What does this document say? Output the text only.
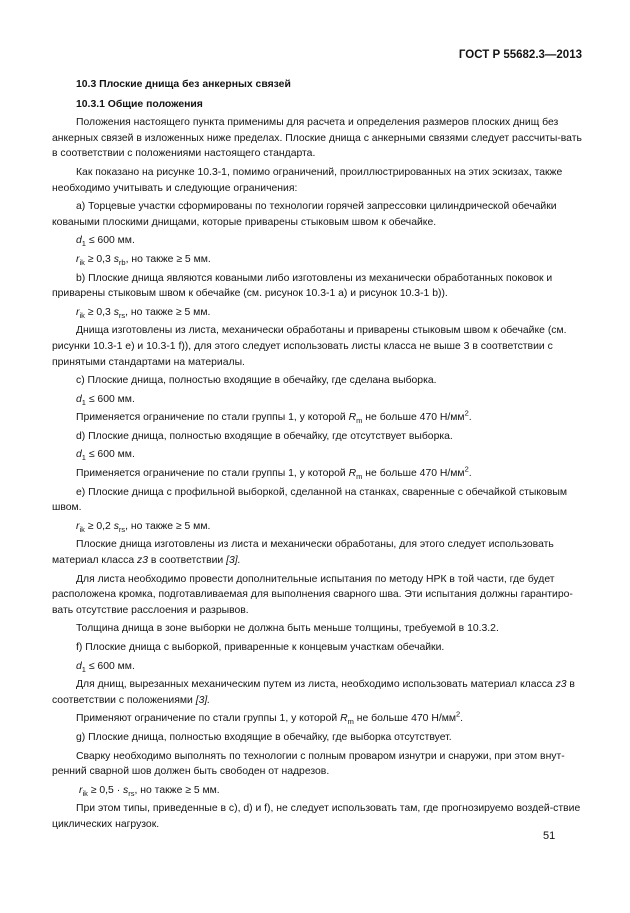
ГОСТ Р 55682.3—2013
10.3 Плоские днища без анкерных связей
10.3.1 Общие положения

Положения настоящего пункта применимы для расчета и определения размеров плоских днищ без анкерных связей в изложенных ниже пределах. Плоские днища с анкерными связями следует рассчиты-вать в соответствии с положениями настоящего стандарта.

Как показано на рисунке 10.3-1, помимо ограничений, проиллюстрированных на этих эскизах, также необходимо учитывать и следующие ограничения:

а) Торцевые участки сформированы по технологии горячей запрессовки цилиндрической обечайки коваными плоскими днищами, которые приварены стыковым швом к обечайке.

$d_1 \le 600$ мм.
$r_{ik} \ge 0,3$ $s_{rb}$, но также ≥ 5 мм.

b) Плоские днища являются коваными либо изготовлены из механически обработанных поковок и приварены стыковым швом к обечайке (см. рисунок 10.3-1 а) и рисунок 10.3-1 b)).

$r_{ik} \ge 0,3$ $s_{rs}$, но также ≥ 5 мм.

Днища изготовлены из листа, механически обработаны и приварены стыковым швом к обечайке (см. рисунки 10.3-1 е) и 10.3-1 f)), для этого следует использовать листы класса не выше 3 в соответствии с принятыми стандартами на материалы.

с) Плоские днища, полностью входящие в обечайку, где сделана выборка.

$d_1 \le 600$ мм.
Применяется ограничение по стали группы 1, у которой $R_m$ не больше 470 $Н/мм^2$.

d) Плоские днища, полностью входящие в обечайку, где отсутствует выборка.

$d_1 \le 600$ мм.
Применяется ограничение по стали группы 1, у которой $R_m$ не больше 470 $Н/мм^2$.

е) Плоские днища с профильной выборкой, сделанной на станках, сваренные с обечайкой стыковым швом.

$r_{ik} \ge 0,2$ $s_{rs}$, но также ≥ 5 мм.

Плоские днища изготовлены из листа и механически обработаны, для этого следует использовать материал класса z3 в соответствии [3].

Для листа необходимо провести дополнительные испытания по методу НРК в той части, где будет расположена кромка, подготавливаемая для выполнения сварного шва. Эти испытания должны гарантиро-вать отсутствие расслоения и разрывов.

Толщина днища в зоне выборки не должна быть меньше толщины, требуемой в 10.3.2.

f) Плоские днища с выборкой, приваренные к концевым участкам обечайки.

$d_1 \le 600$ мм.

Для днищ, вырезанных механическим путем из листа, необходимо использовать материал класса z3 в соответствии с положениями [3].

Применяют ограничение по стали группы 1, у которой $R_m$ не больше 470 $Н/мм^2$.

g) Плоские днища, полностью входящие в обечайку, где выборка отсутствует.

Сварку необходимо выполнять по технологии с полным проваром изнутри и снаружи, при этом внут-ренний сварной шов должен быть свободен от надрезов.

$r_{ik} \ge 0,5 \cdot s_{rs}$, но также ≥ 5 мм.

При этом типы, приведенные в с), d) и f), не следует использовать там, где прогнозируемо воздей-ствие циклических нагрузок.

51
